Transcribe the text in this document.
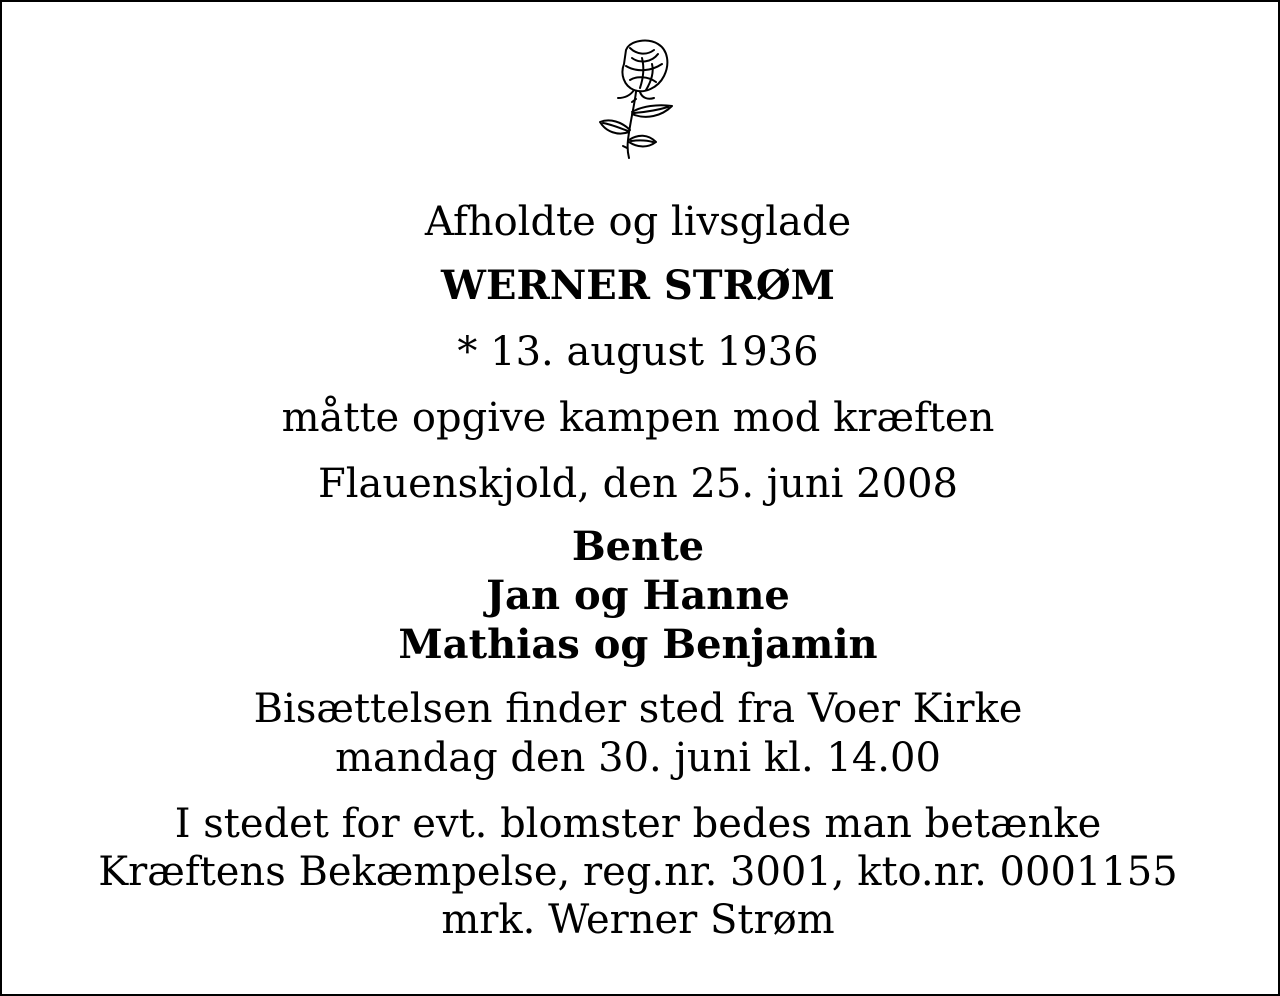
Afholdte og livsglade
WERNER STRØM
* 13. august 1936
måtte opgive kampen mod kræften
Flauenskjold, den 25. juni 2008
Bente
Jan og Hanne
Mathias og Benjamin
Bisættelsen finder sted fra Voer Kirke
mandag den 30. juni kl. 14.00
I stedet for evt. blomster bedes man betænke
Kræftens Bekæmpelse, reg.nr. 3001, kto.nr. 0001155
mrk. Werner Strøm
